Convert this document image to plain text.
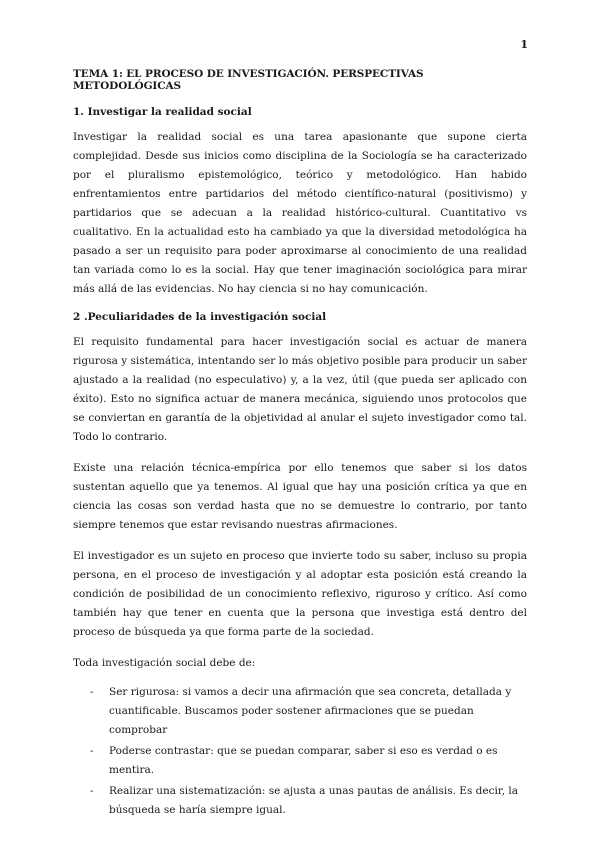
1
TEMA 1: EL PROCESO DE INVESTIGACIÓN. PERSPECTIVAS METODOLÓGICAS
1. Investigar la realidad social

Investigar la realidad social es una tarea apasionante que supone cierta complejidad. Desde sus inicios como disciplina de la Sociología se ha caracterizado por el pluralismo epistemológico, teórico y metodológico. Han habido enfrentamientos entre partidarios del método científico-natural (positivismo) y partidarios que se adecuan a la realidad histórico-cultural. Cuantitativo vs cualitativo. En la actualidad esto ha cambiado ya que la diversidad metodológica ha pasado a ser un requisito para poder aproximarse al conocimiento de una realidad tan variada como lo es la social. Hay que tener imaginación sociológica para mirar más allá de las evidencias. No hay ciencia si no hay comunicación.

2 .Peculiaridades de la investigación social

El requisito fundamental para hacer investigación social es actuar de manera rigurosa y sistemática, intentando ser lo más objetivo posible para producir un saber ajustado a la realidad (no especulativo) y, a la vez, útil (que pueda ser aplicado con éxito). Esto no significa actuar de manera mecánica, siguiendo unos protocolos que se conviertan en garantía de la objetividad al anular el sujeto investigador como tal. Todo lo contrario.

Existe una relación técnica-empírica por ello tenemos que saber si los datos sustentan aquello que ya tenemos. Al igual que hay una posición crítica ya que en ciencia las cosas son verdad hasta que no se demuestre lo contrario, por tanto siempre tenemos que estar revisando nuestras afirmaciones.

El investigador es un sujeto en proceso que invierte todo su saber, incluso su propia persona, en el proceso de investigación y al adoptar esta posición está creando la condición de posibilidad de un conocimiento reflexivo, riguroso y crítico. Así como también hay que tener en cuenta que la persona que investiga está dentro del proceso de búsqueda ya que forma parte de la sociedad.

Toda investigación social debe de:

- Ser rigurosa: si vamos a decir una afirmación que sea concreta, detallada y cuantificable. Buscamos poder sostener afirmaciones que se puedan comprobar
- Poderse contrastar: que se puedan comparar, saber si eso es verdad o es mentira.
- Realizar una sistematización: se ajusta a unas pautas de análisis. Es decir, la búsqueda se haría siempre igual.
